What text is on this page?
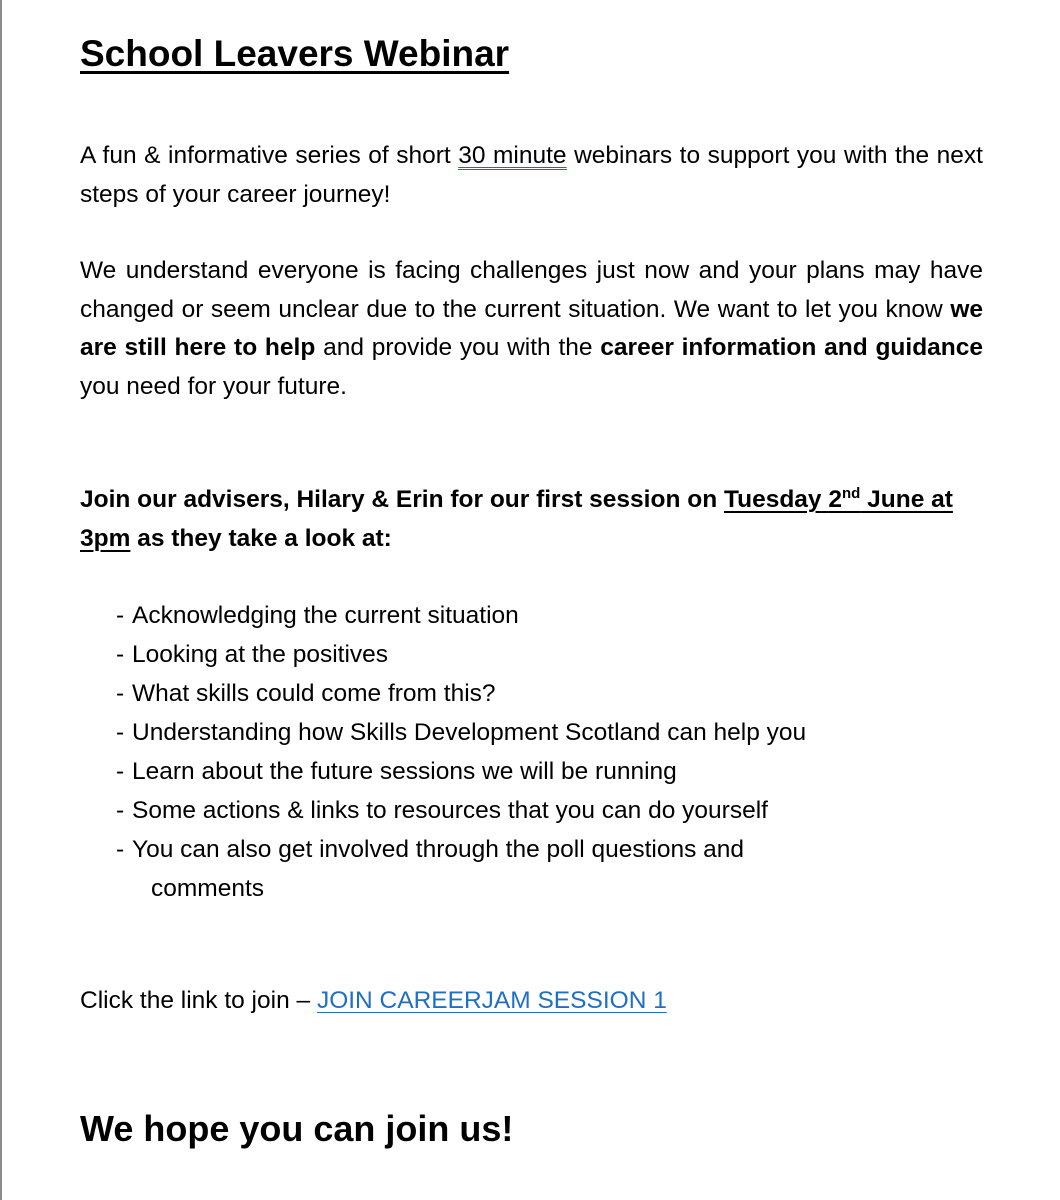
School Leavers Webinar

A fun & informative series of short 30 minute webinars to support you with the next steps of your career journey!

We understand everyone is facing challenges just now and your plans may have changed or seem unclear due to the current situation. We want to let you know we are still here to help and provide you with the career information and guidance you need for your future.

Join our advisers, Hilary & Erin for our first session on Tuesday 2nd June at 3pm as they take a look at:

- Acknowledging the current situation
- Looking at the positives
- What skills could come from this?
- Understanding how Skills Development Scotland can help you
- Learn about the future sessions we will be running
- Some actions & links to resources that you can do yourself
- You can also get involved through the poll questions and
comments

Click the link to join – JOIN CAREERJAM SESSION 1

We hope you can join us!
